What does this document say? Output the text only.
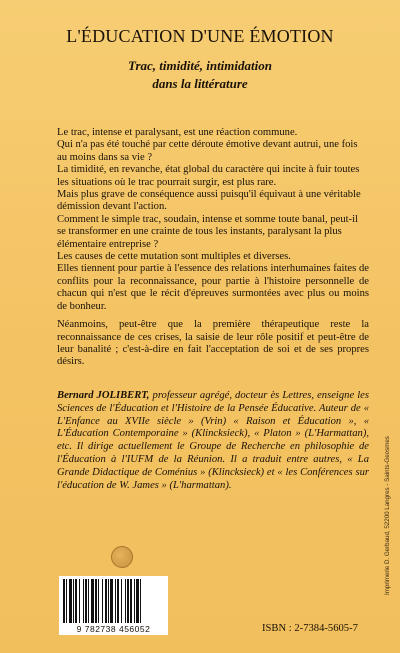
L'ÉDUCATION D'UNE ÉMOTION

Trac, timidité, intimidation

dans la littérature

Le trac, intense et paralysant, est une réaction commune.

Qui n'a pas été touché par cette déroute émotive devant autrui, une fois au moins dans sa vie ?

La timidité, en revanche, état global du caractère qui incite à fuir toutes les situations où le trac pourrait surgir, est plus rare.

Mais plus grave de conséquence aussi puisqu'il équivaut à une véritable démission devant l'action.

Comment le simple trac, soudain, intense et somme toute banal, peut-il se transformer en une crainte de tous les instants, paralysant la plus élémentaire entreprise ?

Les causes de cette mutation sont multiples et diverses.

Elles tiennent pour partie à l'essence des relations interhumaines faites de conflits pour la reconnaissance, pour partie à l'histoire personnelle de chacun qui n'est que le récit d'épreuves surmontées avec plus ou moins de bonheur.

Néanmoins, peut-être que la première thérapeutique reste la reconnaissance de ces crises, la saisie de leur rôle positif et peut-être de leur banalité ; c'est-à-dire en fait l'acceptation de soi et de ses propres désirs.

Bernard JOLIBERT, professeur agrégé, docteur ès Lettres, enseigne les Sciences de l'Éducation et l'Histoire de la Pensée Éducative. Auteur de « L'Enfance au XVIIe siècle » (Vrin) « Raison et Éducation », « L'Éducation Contemporaine » (Klincksieck), « Platon » (L'Harmattan), etc. Il dirige actuellement le Groupe de Recherche en philosophie de l'Éducation à l'IUFM de la Réunion. Il a traduit entre autres, « La Grande Didactique de Coménius » (Klincksieck) et « les Conférences sur l'éducation de W. James » (L'harmattan).	Imprimerie D. Gerbaud, 52200 Langres - Saints-Geosmes
9 782738 456052	ISBN : 2-7384-5605-7
